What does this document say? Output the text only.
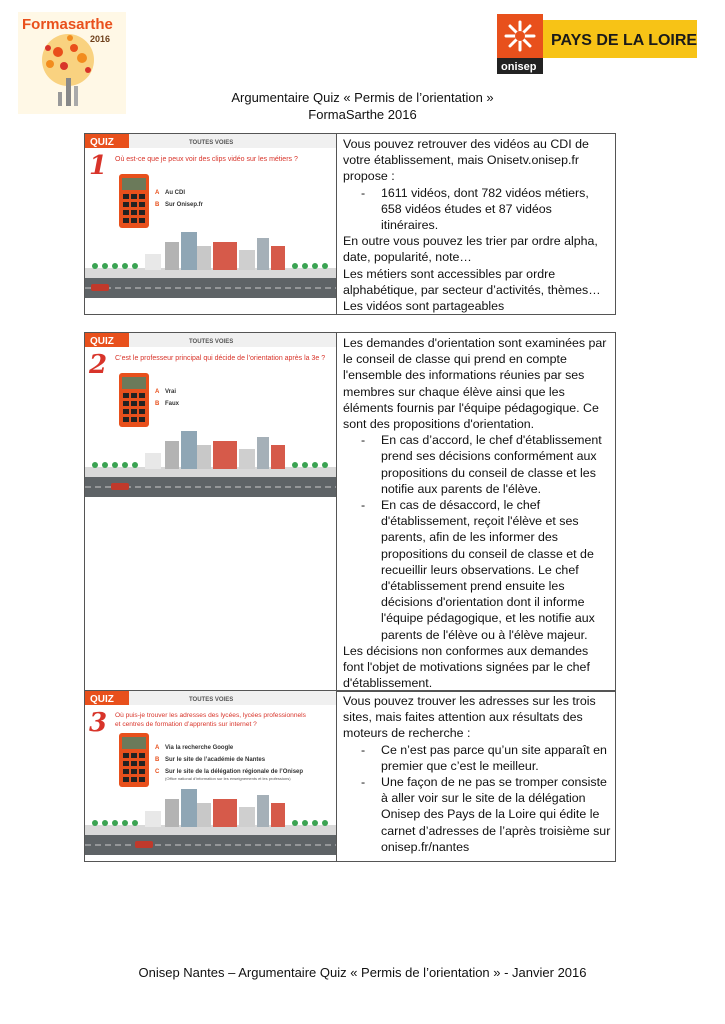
Formasarthe
2016	PAYS DE LA LOIRE
onisep
Argumentaire Quiz « Permis de l’orientation »
FormaSarthe 2016
QUIZ	TOUTES VOIES
1 Où est-ce que je peux voir des clips vidéo sur les métiers ?
A Au CDI
B Sur Onisep.fr

Vous pouvez retrouver des vidéos au CDI de votre établissement, mais Onisetv.onisep.fr propose :

- 1611 vidéos, dont 782 vidéos métiers, 658 vidéos études et 87 vidéos itinéraires.

En outre vous pouvez les trier par ordre alpha, date, popularité, note…

Les métiers sont accessibles par ordre alphabétique, par secteur d’activités, thèmes…

Les vidéos sont partageables

QUIZ	TOUTES VOIES
2 C’est le professeur principal qui décide de l’orientation après la 3e ?
A Vrai
B Faux

Les demandes d'orientation sont examinées par le conseil de classe qui prend en compte l'ensemble des informations réunies par ses membres sur chaque élève ainsi que les éléments fournis par l'équipe pédagogique. Ce sont des propositions d'orientation.

- En cas d’accord, le chef d'établissement prend ses décisions conformément aux propositions du conseil de classe et les notifie aux parents de l'élève.
- En cas de désaccord, le chef d'établissement, reçoit l'élève et ses parents, afin de les informer des propositions du conseil de classe et de recueillir leurs observations. Le chef d'établissement prend ensuite les décisions d'orientation dont il informe l'équipe pédagogique, et les notifie aux parents de l'élève ou à l'élève majeur.

Les décisions non conformes aux demandes font l'objet de motivations signées par le chef d'établissement.

QUIZ	TOUTES VOIES
3 Où puis-je trouver les adresses des lycées, lycées professionnels
et centres de formation d’apprentis sur internet ?
A Via la recherche Google
B Sur le site de l’académie de Nantes
C Sur le site de la délégation régionale de l’Onisep
(Office national d’information sur les enseignements et les professions)

Vous pouvez trouver les adresses sur les trois sites, mais faites attention aux résultats des moteurs de recherche :

- Ce n’est pas parce qu’un site apparaît en premier que c’est le meilleur.
- Une façon de ne pas se tromper consiste à aller voir sur le site de la délégation Onisep des Pays de la Loire qui édite le carnet d’adresses de l’après troisième sur onisep.fr/nantes
Onisep Nantes – Argumentaire Quiz « Permis de l’orientation » - Janvier 2016
